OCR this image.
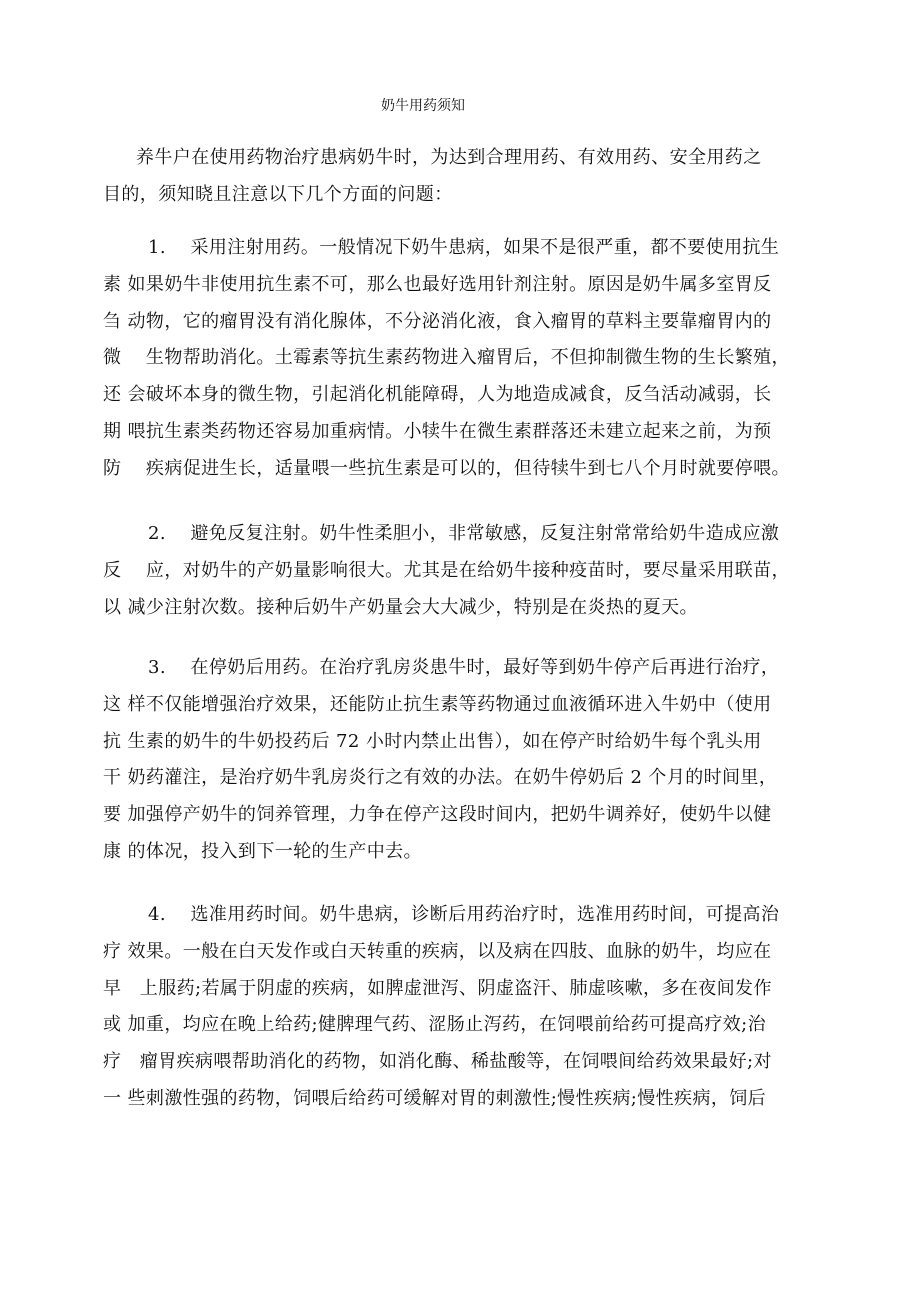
奶牛用药须知
养牛户在使用药物治疗患病奶牛时，为达到合理用药、有效用药、安全用药之
目的，须知晓且注意以下几个方面的问题：
1.　 采用注射用药。一般情况下奶牛患病，如果不是很严重，都不要使用抗生
素 如果奶牛非使用抗生素不可，那么也最好选用针剂注射。原因是奶牛属多室胃反
刍 动物，它的瘤胃没有消化腺体，不分泌消化液，食入瘤胃的草料主要靠瘤胃内的
微　 生物帮助消化。土霉素等抗生素药物进入瘤胃后，不但抑制微生物的生长繁殖，
还 会破坏本身的微生物，引起消化机能障碍，人为地造成减食，反刍活动减弱，长
期 喂抗生素类药物还容易加重病情。小犊牛在微生素群落还未建立起来之前，为预
防　 疾病促进生长，适量喂一些抗生素是可以的，但待犊牛到七八个月时就要停喂。
2.　 避免反复注射。奶牛性柔胆小，非常敏感，反复注射常常给奶牛造成应激
反　 应，对奶牛的产奶量影响很大。尤其是在给奶牛接种疫苗时，要尽量采用联苗，
以 减少注射次数。接种后奶牛产奶量会大大减少，特别是在炎热的夏天。
3.　 在停奶后用药。在治疗乳房炎患牛时，最好等到奶牛停产后再进行治疗，
这 样不仅能增强治疗效果，还能防止抗生素等药物通过血液循环进入牛奶中（使用
抗 生素的奶牛的牛奶投药后 72 小时内禁止出售），如在停产时给奶牛每个乳头用
干 奶药灌注，是治疗奶牛乳房炎行之有效的办法。在奶牛停奶后 2 个月的时间里，
要 加强停产奶牛的饲养管理，力争在停产这段时间内，把奶牛调养好，使奶牛以健
康 的体况，投入到下一轮的生产中去。
4.　 选准用药时间。奶牛患病，诊断后用药治疗时，选准用药时间，可提高治
疗 效果。一般在白天发作或白天转重的疾病，以及病在四肢、血脉的奶牛，均应在
早　上服药;若属于阴虚的疾病，如脾虚泄泻、阴虚盗汗、肺虚咳嗽，多在夜间发作
或 加重，均应在晚上给药;健脾理气药、涩肠止泻药，在饲喂前给药可提高疗效;治
疗　瘤胃疾病喂帮助消化的药物，如消化酶、稀盐酸等，在饲喂间给药效果最好;对
一 些刺激性强的药物，饲喂后给药可缓解对胃的刺激性;慢性疾病;慢性疾病，饲后
